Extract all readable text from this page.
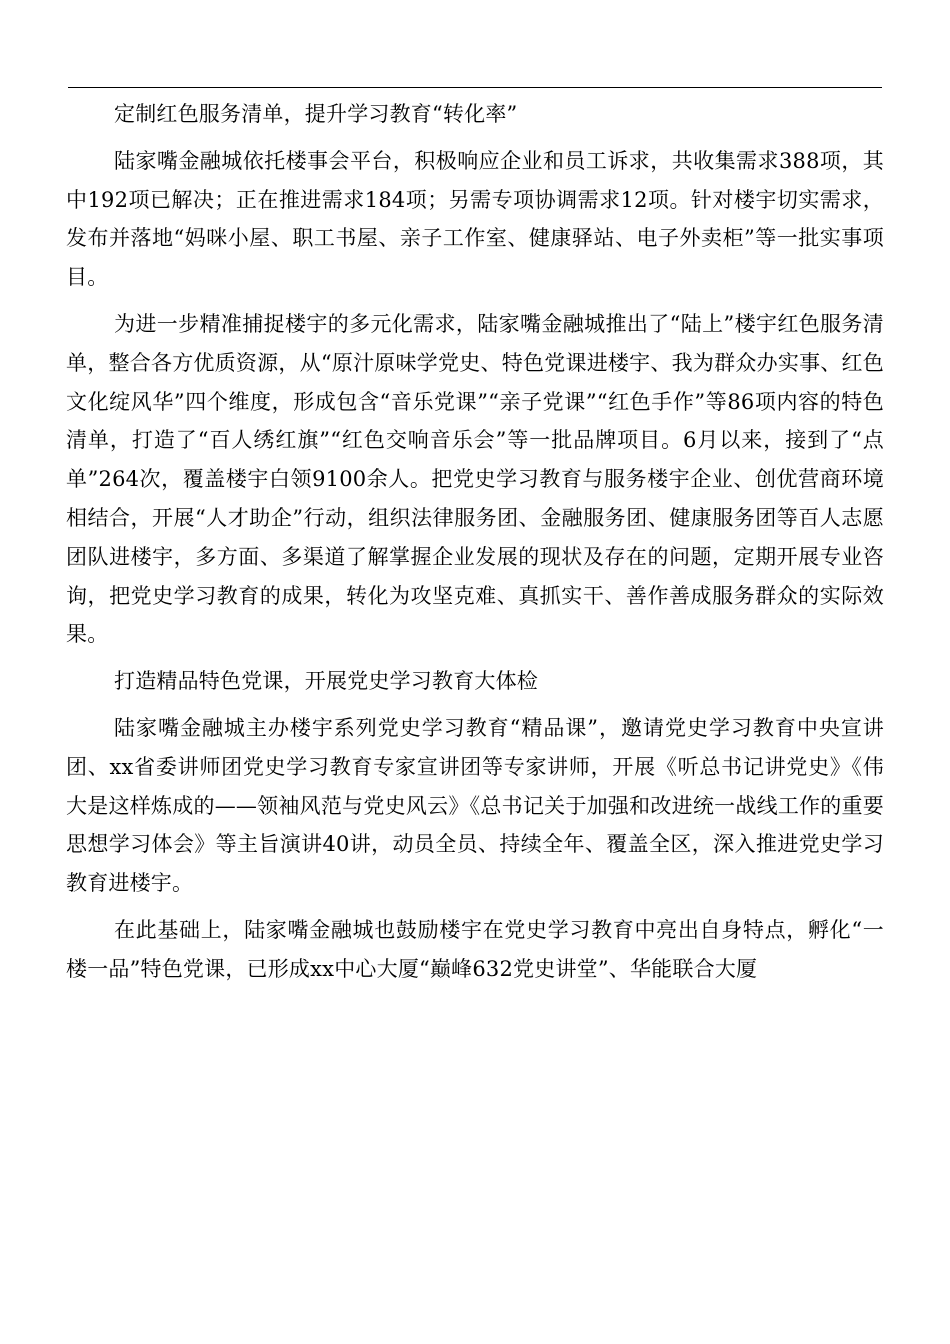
定制红色服务清单，提升学习教育“转化率”

陆家嘴金融城依托楼事会平台，积极响应企业和员工诉求，共收集需求388项，其中192项已解决；正在推进需求184项；另需专项协调需求12项。针对楼宇切实需求，发布并落地“妈咪小屋、职工书屋、亲子工作室、健康驿站、电子外卖柜”等一批实事项目。

为进一步精准捕捉楼宇的多元化需求，陆家嘴金融城推出了“陆上”楼宇红色服务清单，整合各方优质资源，从“原汁原味学党史、特色党课进楼宇、我为群众办实事、红色文化绽风华”四个维度，形成包含“音乐党课”“亲子党课”“红色手作”等86项内容的特色清单，打造了“百人绣红旗”“红色交响音乐会”等一批品牌项目。6月以来，接到了“点单”264次，覆盖楼宇白领9100余人。把党史学习教育与服务楼宇企业、创优营商环境相结合，开展“人才助企”行动，组织法律服务团、金融服务团、健康服务团等百人志愿团队进楼宇，多方面、多渠道了解掌握企业发展的现状及存在的问题，定期开展专业咨询，把党史学习教育的成果，转化为攻坚克难、真抓实干、善作善成服务群众的实际效果。

打造精品特色党课，开展党史学习教育大体检

陆家嘴金融城主办楼宇系列党史学习教育“精品课”，邀请党史学习教育中央宣讲团、xx省委讲师团党史学习教育专家宣讲团等专家讲师，开展《听总书记讲党史》《伟大是这样炼成的——领袖风范与党史风云》《总书记关于加强和改进统一战线工作的重要思想学习体会》等主旨演讲40讲，动员全员、持续全年、覆盖全区，深入推进党史学习教育进楼宇。

在此基础上，陆家嘴金融城也鼓励楼宇在党史学习教育中亮出自身特点，孵化“一楼一品”特色党课，已形成xx中心大厦“巅峰632党史讲堂”、华能联合大厦
